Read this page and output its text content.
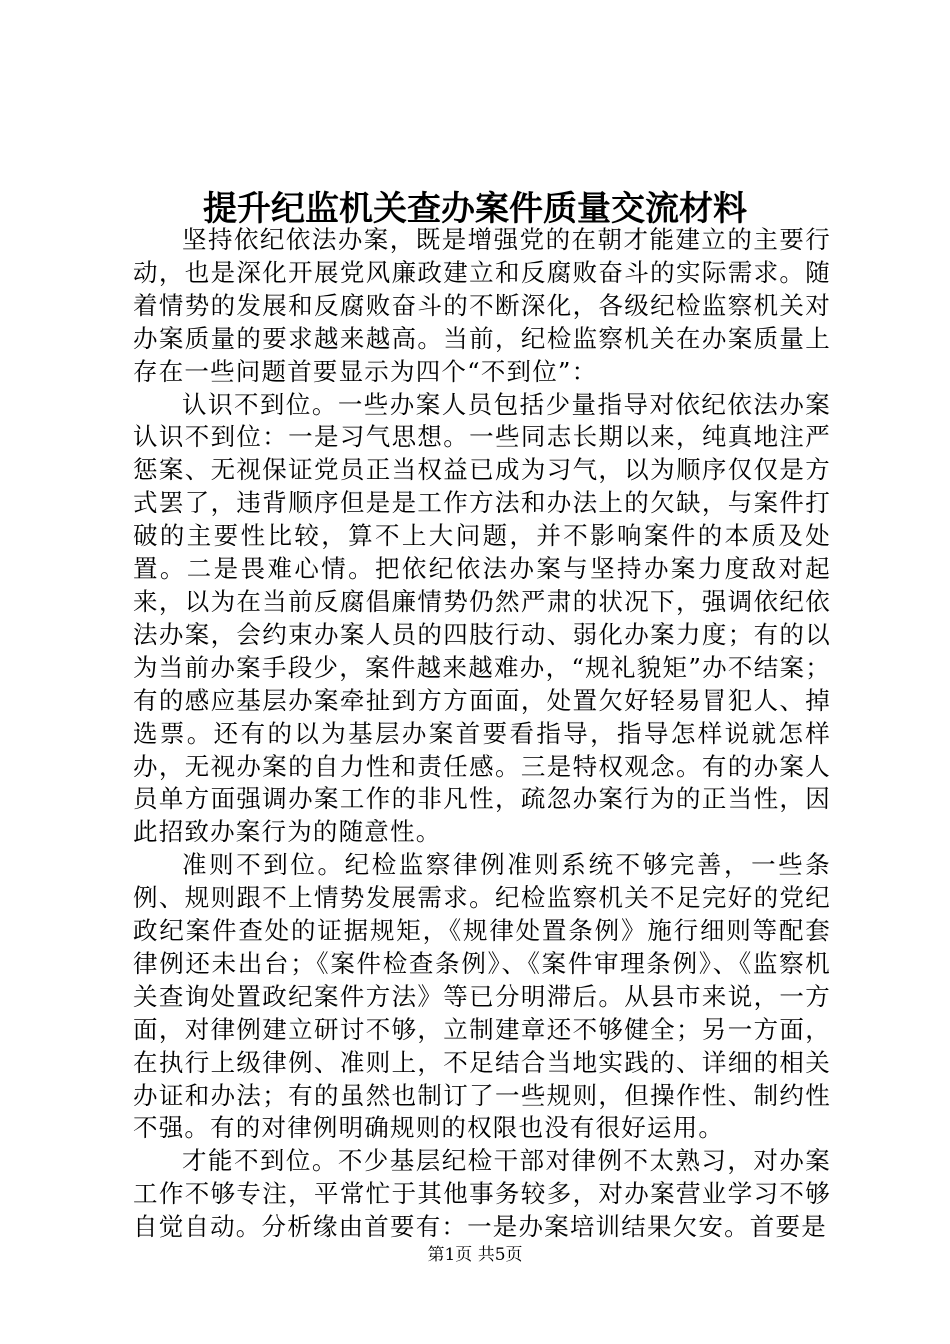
提升纪监机关查办案件质量交流材料

坚持依纪依法办案，既是增强党的在朝才能建立的主要行动，也是深化开展党风廉政建立和反腐败奋斗的实际需求。随着情势的发展和反腐败奋斗的不断深化，各级纪检监察机关对办案质量的要求越来越高。当前，纪检监察机关在办案质量上存在一些问题首要显示为四个“不到位”：

认识不到位。一些办案人员包括少量指导对依纪依法办案认识不到位：一是习气思想。一些同志长期以来，纯真地注严惩案、无视保证党员正当权益已成为习气，以为顺序仅仅是方式罢了，违背顺序但是是工作方法和办法上的欠缺，与案件打破的主要性比较，算不上大问题，并不影响案件的本质及处置。二是畏难心情。把依纪依法办案与坚持办案力度敌对起来，以为在当前反腐倡廉情势仍然严肃的状况下，强调依纪依法办案，会约束办案人员的四肢行动、弱化办案力度；有的以为当前办案手段少，案件越来越难办，“规礼貌矩”办不结案；有的感应基层办案牵扯到方方面面，处置欠好轻易冒犯人、掉选票。还有的以为基层办案首要看指导，指导怎样说就怎样办，无视办案的自力性和责任感。三是特权观念。有的办案人员单方面强调办案工作的非凡性，疏忽办案行为的正当性，因此招致办案行为的随意性。

准则不到位。纪检监察律例准则系统不够完善，一些条例、规则跟不上情势发展需求。纪检监察机关不足完好的党纪政纪案件查处的证据规矩，《规律处置条例》施行细则等配套律例还未出台；《案件检查条例》、《案件审理条例》、《监察机关查询处置政纪案件方法》等已分明滞后。从县市来说，一方面，对律例建立研讨不够，立制建章还不够健全；另一方面，在执行上级律例、准则上，不足结合当地实践的、详细的相关办证和办法；有的虽然也制订了一些规则，但操作性、制约性不强。有的对律例明确规则的权限也没有很好运用。

才能不到位。不少基层纪检干部对律例不太熟习，对办案工作不够专注，平常忙于其他事务较多，对办案营业学习不够自觉自动。分析缘由首要有：一是办案培训结果欠安。首要是

第1页 共5页
